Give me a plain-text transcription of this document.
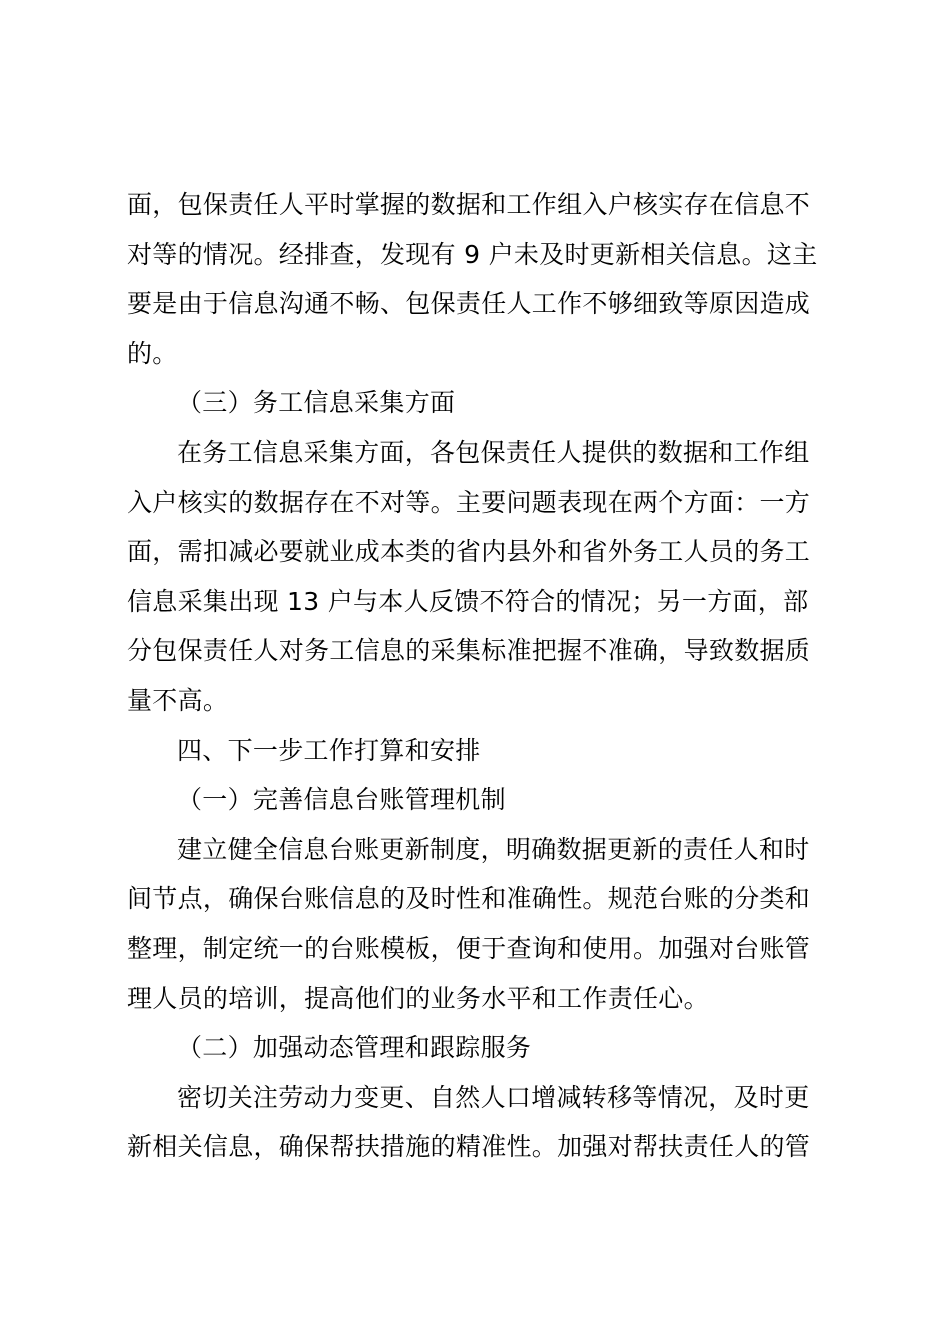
面，包保责任人平时掌握的数据和工作组入户核实存在信息不

对等的情况。经排查，发现有 9 户未及时更新相关信息。这主

要是由于信息沟通不畅、包保责任人工作不够细致等原因造成

的。

（三）务工信息采集方面

在务工信息采集方面，各包保责任人提供的数据和工作组

入户核实的数据存在不对等。主要问题表现在两个方面：一方

面，需扣减必要就业成本类的省内县外和省外务工人员的务工

信息采集出现 13 户与本人反馈不符合的情况；另一方面，部

分包保责任人对务工信息的采集标准把握不准确，导致数据质

量不高。

四、下一步工作打算和安排

（一）完善信息台账管理机制

建立健全信息台账更新制度，明确数据更新的责任人和时

间节点，确保台账信息的及时性和准确性。规范台账的分类和

整理，制定统一的台账模板，便于查询和使用。加强对台账管

理人员的培训，提高他们的业务水平和工作责任心。

（二）加强动态管理和跟踪服务

密切关注劳动力变更、自然人口增减转移等情况，及时更

新相关信息，确保帮扶措施的精准性。加强对帮扶责任人的管
